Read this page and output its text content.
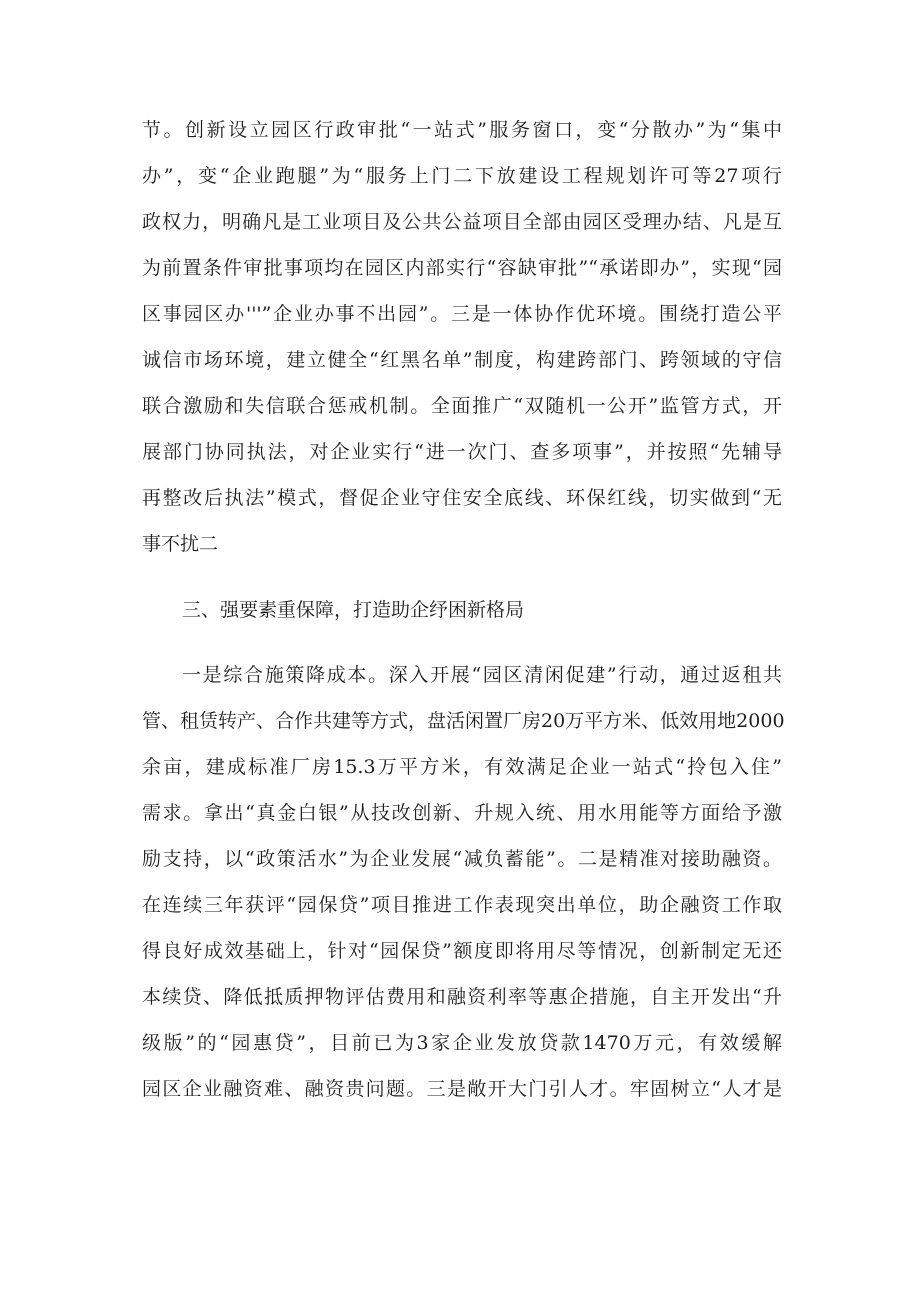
节。创新设立园区行政审批“一站式”服务窗口，变“分散办”为“集中
办”，变“企业跑腿”为“服务上门二下放建设工程规划许可等27项行
政权力，明确凡是工业项目及公共公益项目全部由园区受理办结、凡是互
为前置条件审批事项均在园区内部实行“容缺审批”“承诺即办”，实现“园
区事园区办'''”企业办事不出园”。三是一体协作优环境。围绕打造公平
诚信市场环境，建立健全“红黑名单”制度，构建跨部门、跨领域的守信
联合激励和失信联合惩戒机制。全面推广“双随机一公开”监管方式，开
展部门协同执法，对企业实行“进一次门、查多项事”，并按照“先辅导
再整改后执法”模式，督促企业守住安全底线、环保红线，切实做到“无
事不扰二
三、强要素重保障，打造助企纾困新格局
一是综合施策降成本。深入开展“园区清闲促建”行动，通过返租共
管、租赁转产、合作共建等方式，盘活闲置厂房20万平方米、低效用地2000
余亩，建成标准厂房15.3万平方米，有效满足企业一站式“拎包入住”
需求。拿出“真金白银”从技改创新、升规入统、用水用能等方面给予激
励支持，以“政策活水”为企业发展“减负蓄能”。二是精准对接助融资。
在连续三年获评“园保贷”项目推进工作表现突出单位，助企融资工作取
得良好成效基础上，针对“园保贷”额度即将用尽等情况，创新制定无还
本续贷、降低抵质押物评估费用和融资利率等惠企措施，自主开发出“升
级版”的“园惠贷”，目前已为3家企业发放贷款1470万元，有效缓解
园区企业融资难、融资贵问题。三是敞开大门引人才。牢固树立“人才是
